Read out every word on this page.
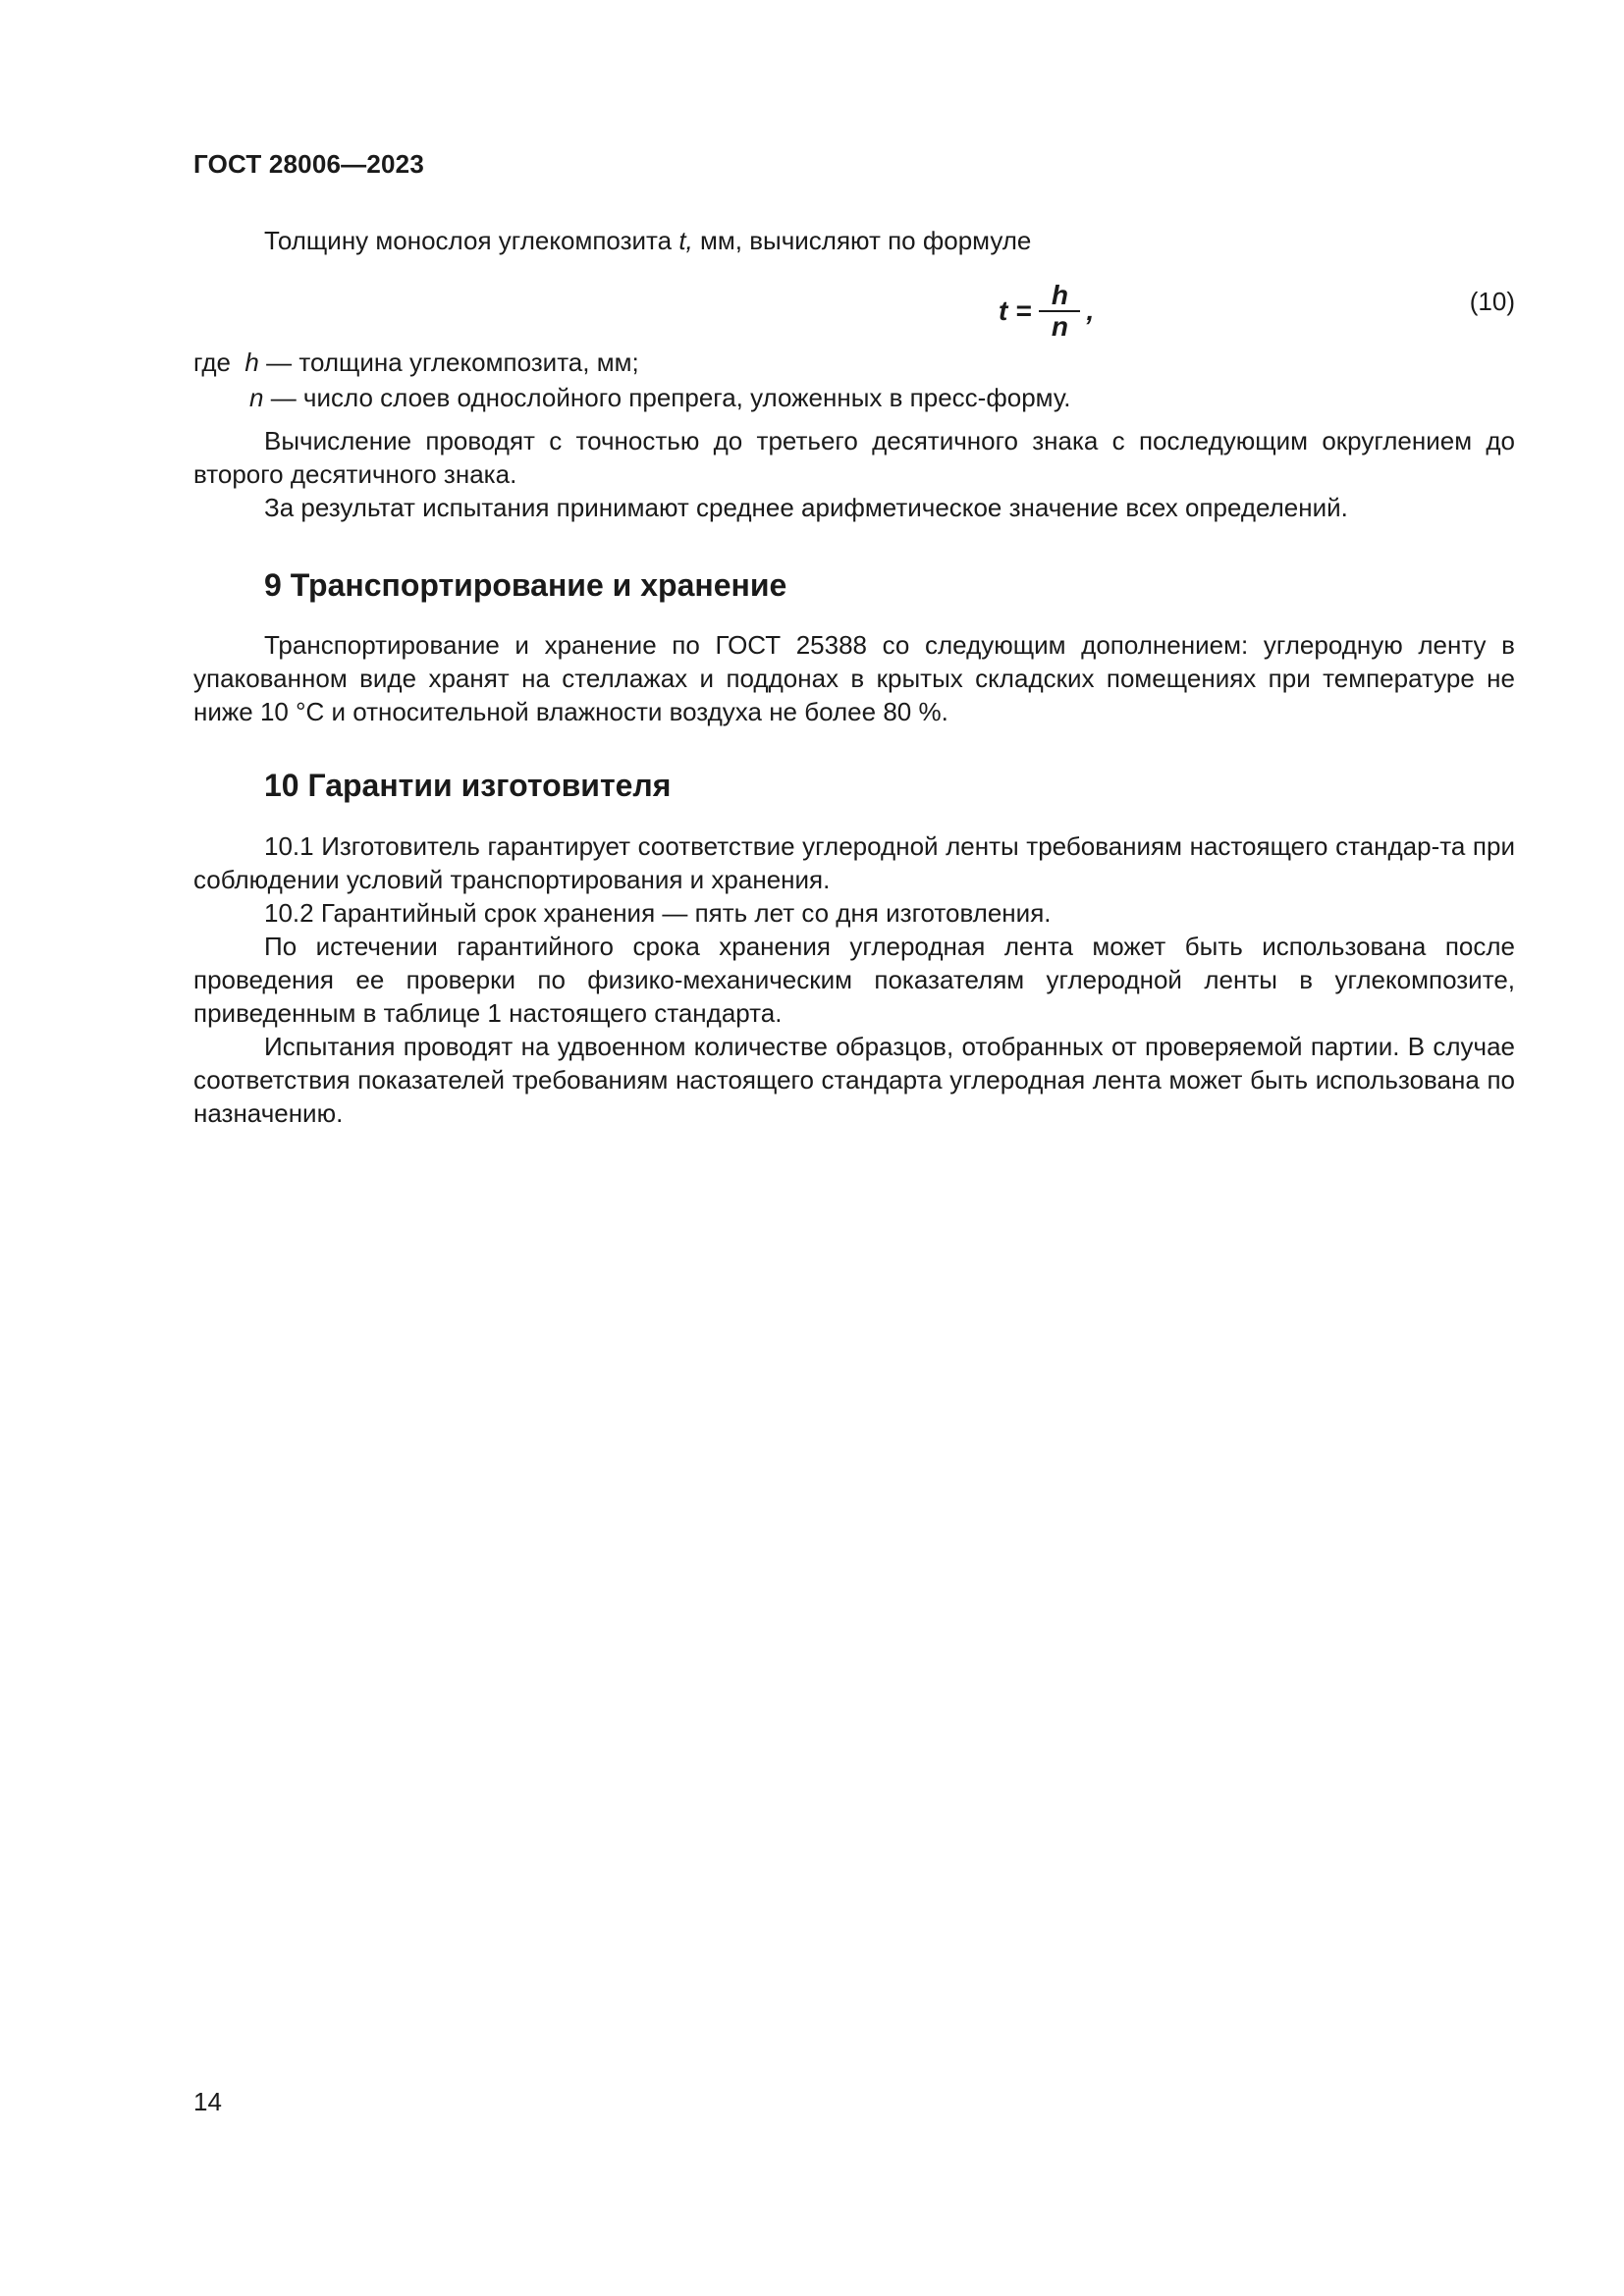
ГОСТ 28006—2023

Толщину монослоя углекомпозита t, мм, вычисляют по формуле

$t = \frac{h}{n}$ ,	(10)
где h — толщина углекомпозита, мм;
n — число слоев однослойного препрега, уложенных в пресс-форму.

Вычисление проводят с точностью до третьего десятичного знака с последующим округлением до второго десятичного знака.

За результат испытания принимают среднее арифметическое значение всех определений.

9 Транспортирование и хранение

Транспортирование и хранение по ГОСТ 25388 со следующим дополнением: углеродную ленту в упакованном виде хранят на стеллажах и поддонах в крытых складских помещениях при температуре не ниже 10 °С и относительной влажности воздуха не более 80 %.

10 Гарантии изготовителя

10.1 Изготовитель гарантирует соответствие углеродной ленты требованиям настоящего стандар-та при соблюдении условий транспортирования и хранения.

10.2 Гарантийный срок хранения — пять лет со дня изготовления.

По истечении гарантийного срока хранения углеродная лента может быть использована после проведения ее проверки по физико-механическим показателям углеродной ленты в углекомпозите, приведенным в таблице 1 настоящего стандарта.

Испытания проводят на удвоенном количестве образцов, отобранных от проверяемой партии. В случае соответствия показателей требованиям настоящего стандарта углеродная лента может быть использована по назначению.

14
